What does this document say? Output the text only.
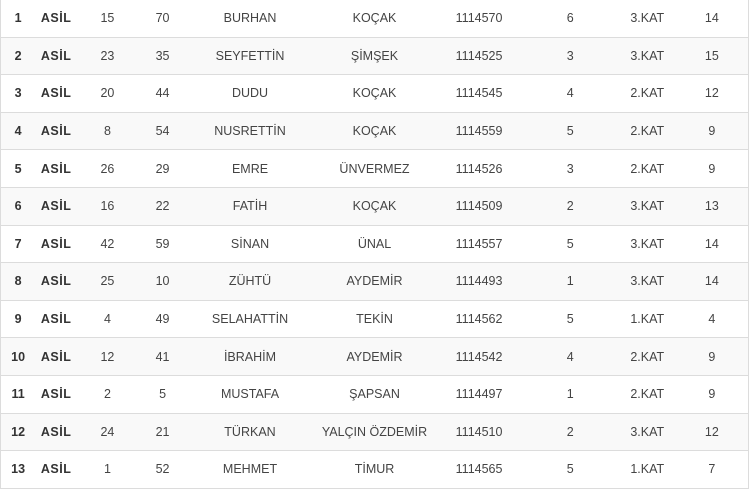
1	ASİL	15	70	BURHAN	KOÇAK	1114570	6	3.KAT	14
2	ASİL	23	35	SEYFETTİN	ŞİMŞEK	1114525	3	3.KAT	15
3	ASİL	20	44	DUDU	KOÇAK	1114545	4	2.KAT	12
4	ASİL	8	54	NUSRETTİN	KOÇAK	1114559	5	2.KAT	9
5	ASİL	26	29	EMRE	ÜNVERMEZ	1114526	3	2.KAT	9
6	ASİL	16	22	FATİH	KOÇAK	1114509	2	3.KAT	13
7	ASİL	42	59	SİNAN	ÜNAL	1114557	5	3.KAT	14
8	ASİL	25	10	ZÜHTÜ	AYDEMİR	1114493	1	3.KAT	14
9	ASİL	4	49	SELAHATTİN	TEKİN	1114562	5	1.KAT	4
10	ASİL	12	41	İBRAHİM	AYDEMİR	1114542	4	2.KAT	9
11	ASİL	2	5	MUSTAFA	ŞAPSAN	1114497	1	2.KAT	9
12	ASİL	24	21	TÜRKAN	YALÇIN ÖZDEMİR	1114510	2	3.KAT	12
13	ASİL	1	52	MEHMET	TİMUR	1114565	5	1.KAT	7
